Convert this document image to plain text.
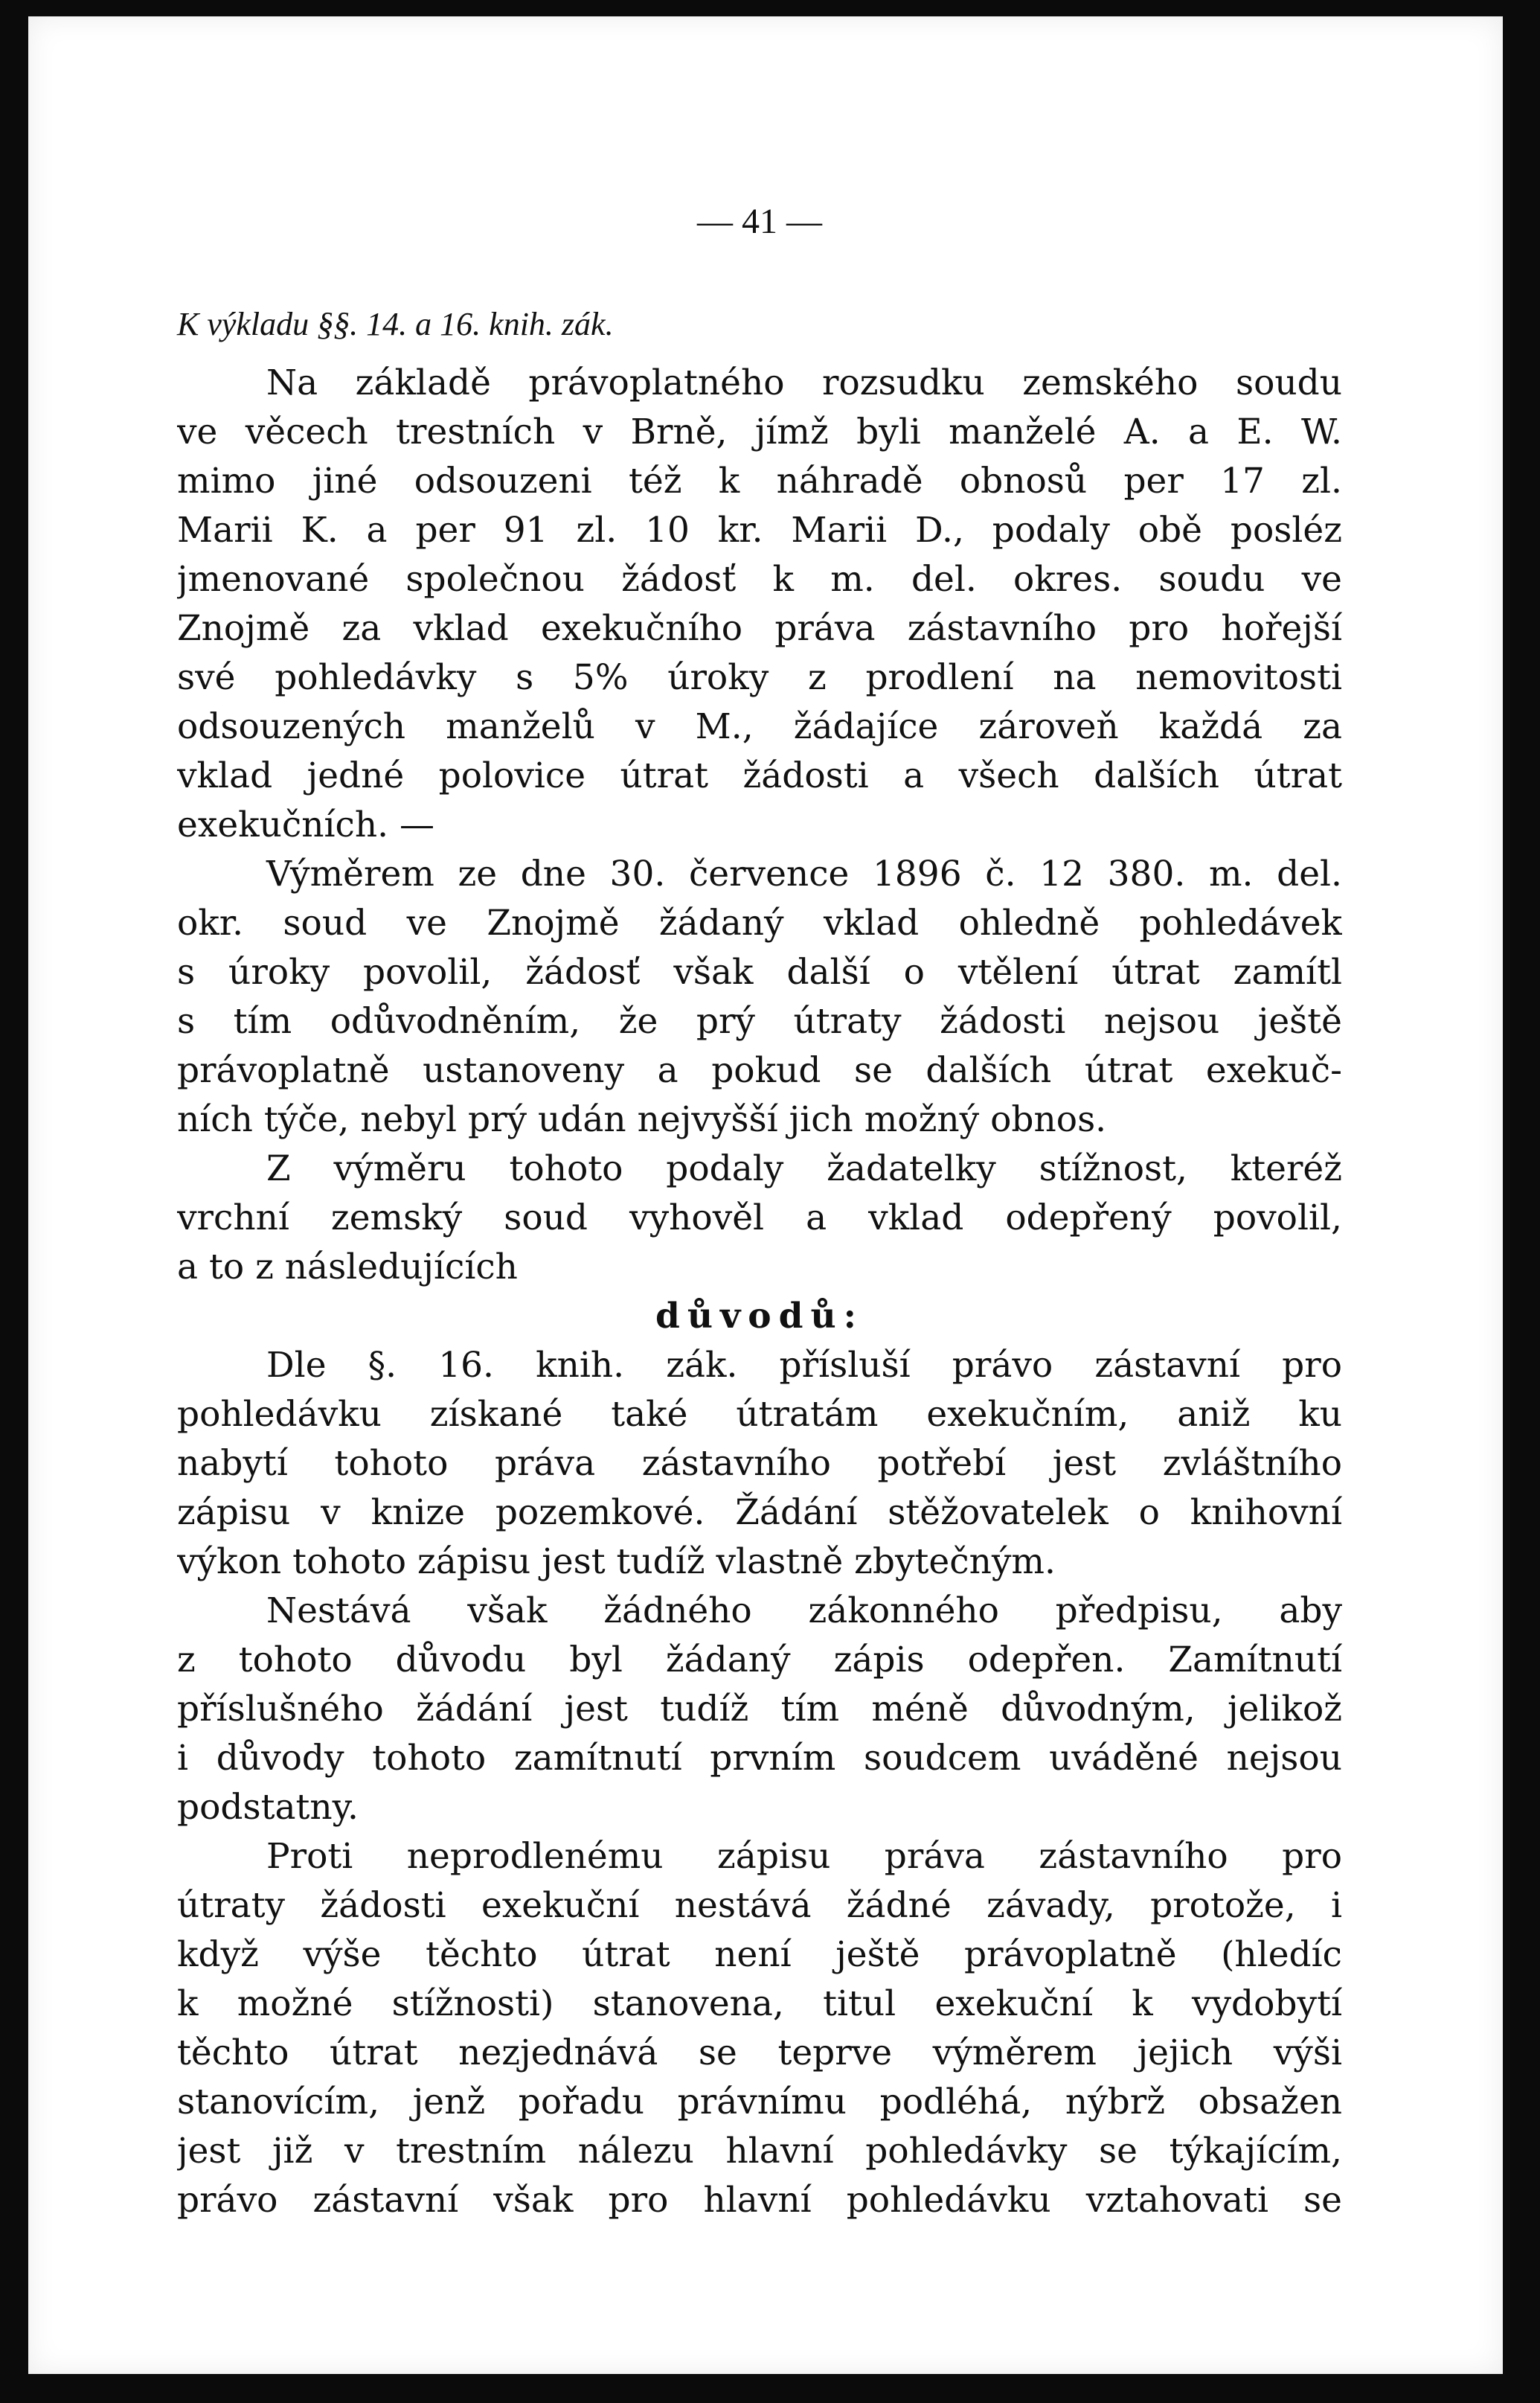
— 41 —
K výkladu §§. 14. a 16. knih. zák.
Na základě právoplatného rozsudku zemského soudu
ve věcech trestních v Brně, jímž byli manželé A. a E. W.
mimo jiné odsouzeni též k náhradě obnosů per 17 zl.
Marii K. a per 91 zl. 10 kr. Marii D., podaly obě posléz
jmenované společnou žádosť k m. del. okres. soudu ve
Znojmě za vklad exekučního práva zástavního pro hořejší
své pohledávky s 5% úroky z prodlení na nemovitosti
odsouzených manželů v M., žádajíce zároveň každá za
vklad jedné polovice útrat žádosti a všech dalších útrat
exekučních. —
Výměrem ze dne 30. července 1896 č. 12 380. m. del.
okr. soud ve Znojmě žádaný vklad ohledně pohledávek
s úroky povolil, žádosť však další o vtělení útrat zamítl
s tím odůvodněním, že prý útraty žádosti nejsou ještě
právoplatně ustanoveny a pokud se dalších útrat exekuč-
ních týče, nebyl prý udán nejvyšší jich možný obnos.
Z výměru tohoto podaly žadatelky stížnost, kteréž
vrchní zemský soud vyhověl a vklad odepřený povolil,
a to z následujících
důvodů:
Dle §. 16. knih. zák. přísluší právo zástavní pro
pohledávku získané také útratám exekučním, aniž ku
nabytí tohoto práva zástavního potřebí jest zvláštního
zápisu v knize pozemkové. Žádání stěžovatelek o knihovní
výkon tohoto zápisu jest tudíž vlastně zbytečným.
Nestává však žádného zákonného předpisu, aby
z tohoto důvodu byl žádaný zápis odepřen. Zamítnutí
příslušného žádání jest tudíž tím méně důvodným, jelikož
i důvody tohoto zamítnutí prvním soudcem uváděné nejsou
podstatny.
Proti neprodlenému zápisu práva zástavního pro
útraty žádosti exekuční nestává žádné závady, protože, i
když výše těchto útrat není ještě právoplatně (hledíc
k možné stížnosti) stanovena, titul exekuční k vydobytí
těchto útrat nezjednává se teprve výměrem jejich výši
stanovícím, jenž pořadu právnímu podléhá, nýbrž obsažen
jest již v trestním nálezu hlavní pohledávky se týkajícím,
právo zástavní však pro hlavní pohledávku vztahovati se
